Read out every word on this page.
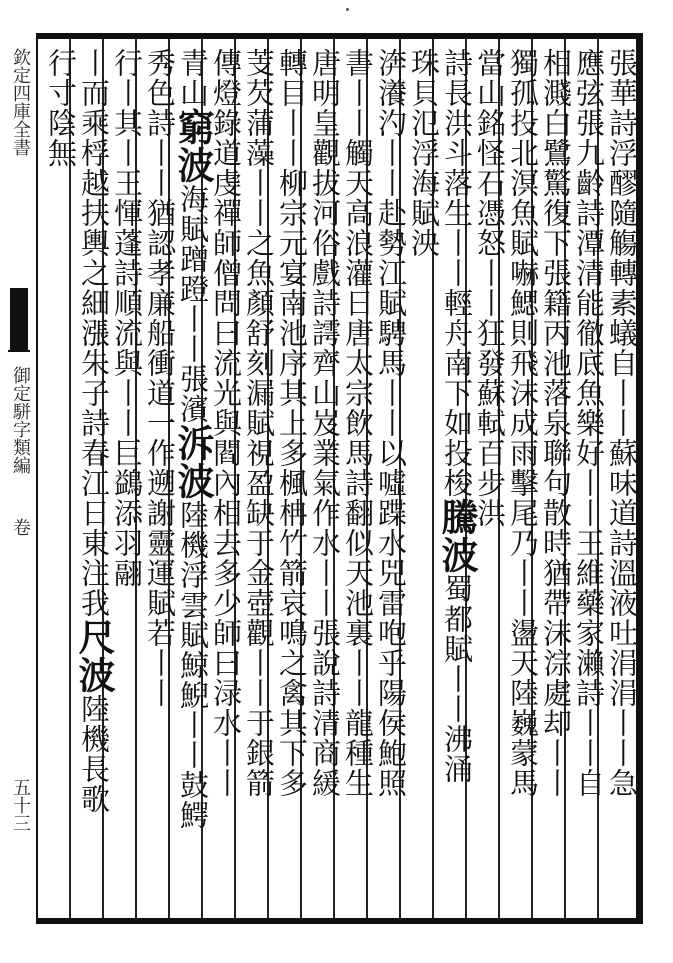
欽定四庫全書
御定駢字類編
卷
五十三
張華詩浮醪隨觴轉素蟻自丨丨蘇味道詩溫液吐涓涓丨丨急
應弦張九齡詩潭清能徹底魚樂好丨丨王維藥家瀨詩丨丨自
相濺白鷺驚復下張籍丙池落泉聯句散時猶帶沫淙處却丨丨
獨孤投北溟魚賦嚇鰓則飛沫成雨擊尾乃丨丨盪天陸巍蒙馬
當山銘怪石憑怒丨丨狂發蘇軾百步洪
詩長洪斗落生丨丨輕舟南下如投梭騰波蜀都賦丨丨沸涌
珠貝氾浮海賦泱
渀瀁汋丨丨赴勢江賦騁馬丨丨以噓蹀水兕雷咆乎陽侯鮑照
書丨丨觸天高浪灌日唐太宗飲馬詩翻似天池裏丨丨龍種生
唐明皇觀拔河俗戲詩謣齊山岌業氣作水丨丨張說詩清商緩
轉目丨丨柳宗元宴南池序其上多楓柟竹箭哀鳴之禽其下多
芰芡蒲藻丨丨之魚顏舒刻漏賦視盈缺于金壺觀丨丨于銀箭
傳燈錄道虔禪師僧問曰流光與閻內相去多少師曰渌水丨丨
青山窮波海賦蹭蹬丨丨張濱泝波陸機浮雲賦鯨鯢丨丨鼓鰐
秀色詩丨丨猶認孝廉船衝道一作遡謝靈運賦若丨丨
行丨其丨王惲蓬詩順流與丨丨巨鷁添羽翮
丨而乘桴越扶輿之細漲朱子詩春江日東注我尺波陸機長歌
行寸陰無
